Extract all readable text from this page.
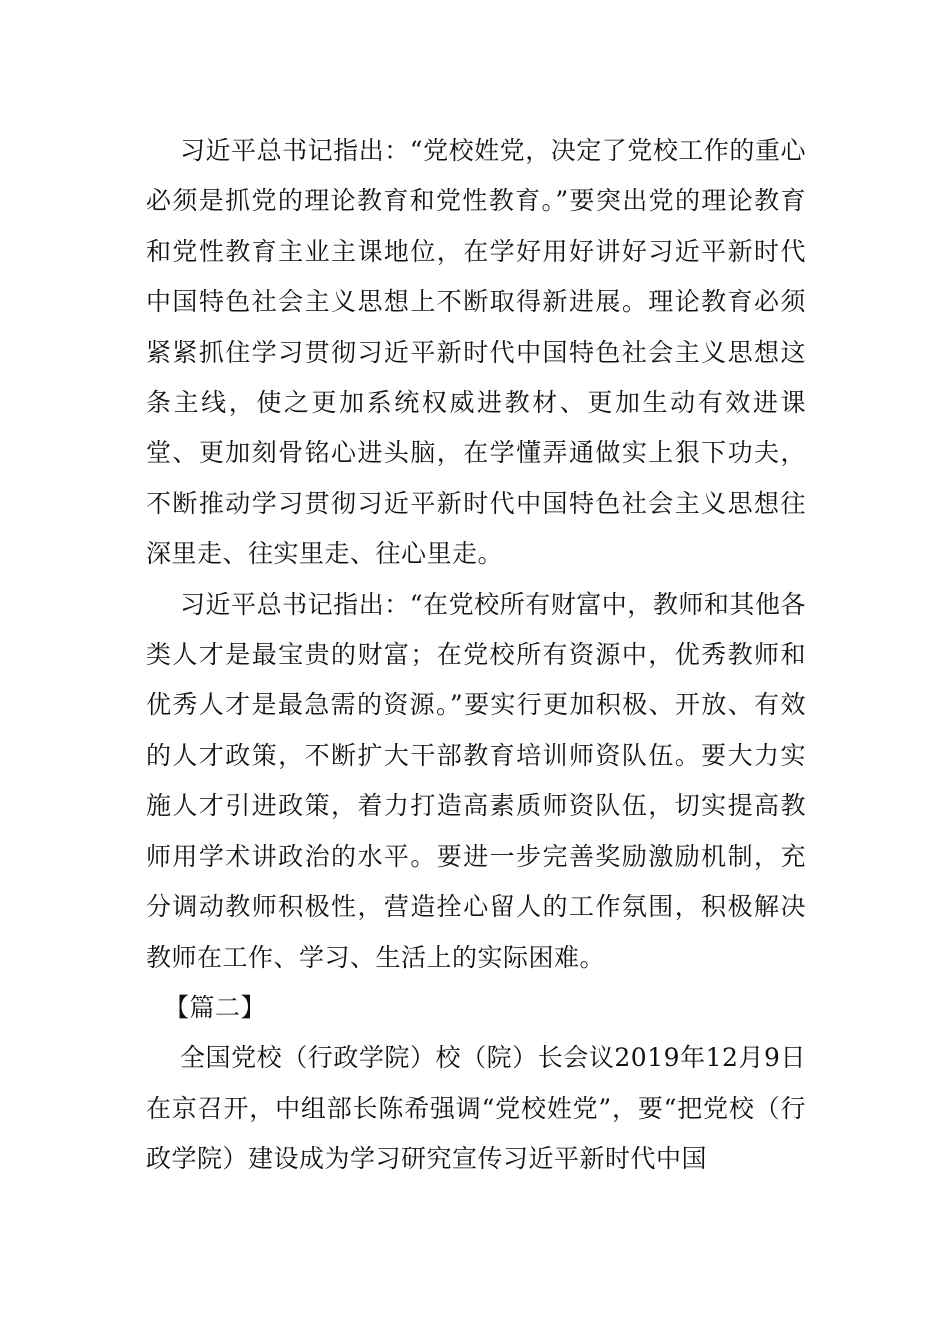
习近平总书记指出：“党校姓党，决定了党校工作的重心必须是抓党的理论教育和党性教育。”要突出党的理论教育和党性教育主业主课地位，在学好用好讲好习近平新时代中国特色社会主义思想上不断取得新进展。理论教育必须紧紧抓住学习贯彻习近平新时代中国特色社会主义思想这条主线，使之更加系统权威进教材、更加生动有效进课堂、更加刻骨铭心进头脑，在学懂弄通做实上狠下功夫，不断推动学习贯彻习近平新时代中国特色社会主义思想往深里走、往实里走、往心里走。

习近平总书记指出：“在党校所有财富中，教师和其他各类人才是最宝贵的财富；在党校所有资源中，优秀教师和优秀人才是最急需的资源。”要实行更加积极、开放、有效的人才政策，不断扩大干部教育培训师资队伍。要大力实施人才引进政策，着力打造高素质师资队伍，切实提高教师用学术讲政治的水平。要进一步完善奖励激励机制，充分调动教师积极性，营造拴心留人的工作氛围，积极解决教师在工作、学习、生活上的实际困难。

【篇二】

全国党校（行政学院）校（院）长会议2019年12月9日在京召开，中组部长陈希强调“党校姓党”，要“把党校（行政学院）建设成为学习研究宣传习近平新时代中国
